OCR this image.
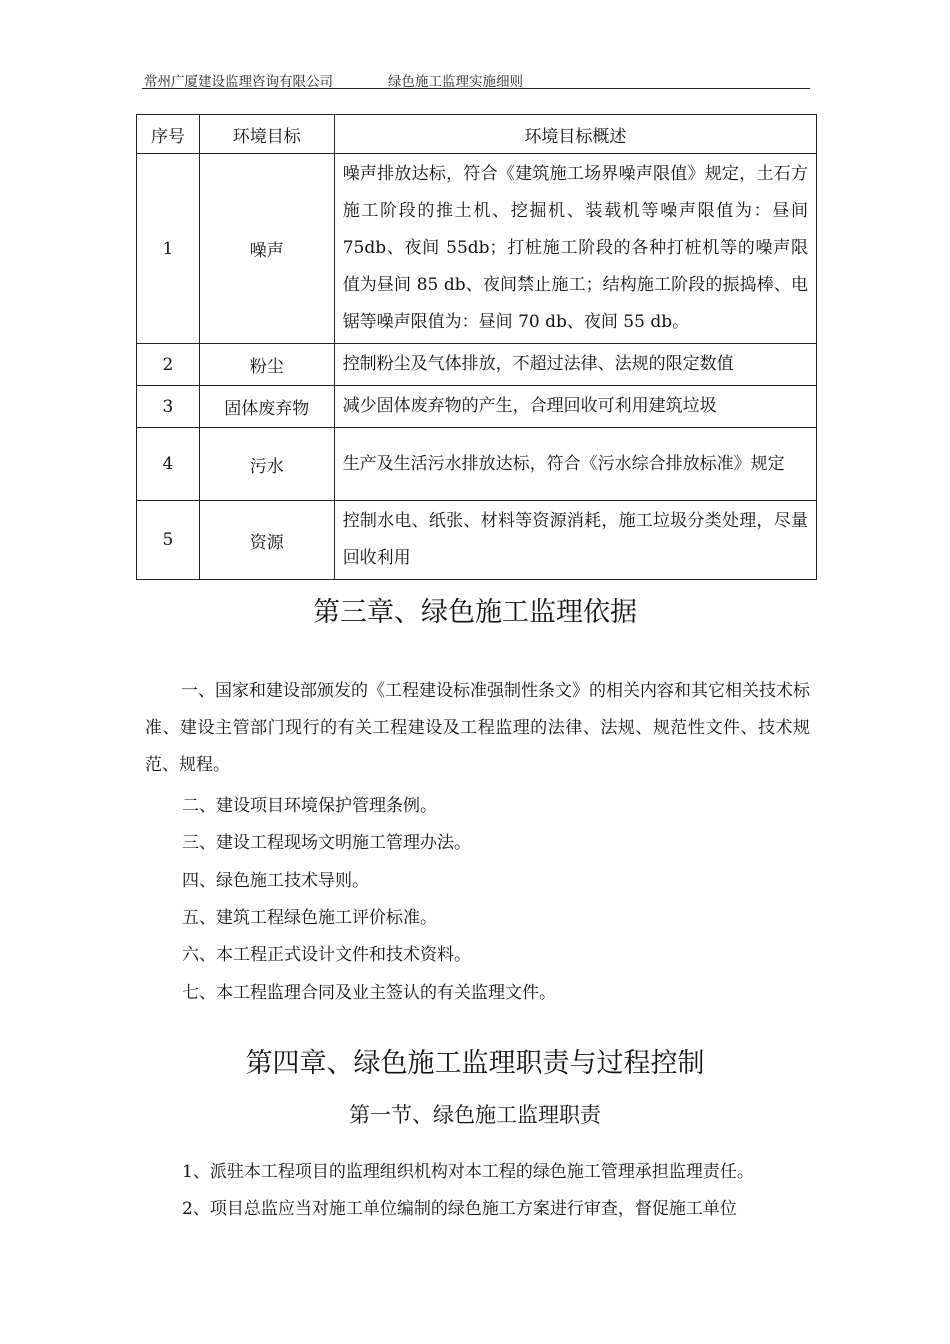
常州广厦建设监理咨询有限公司	绿色施工监理实施细则
序号	环境目标	环境目标概述
1	噪声	噪声排放达标，符合《建筑施工场界噪声限值》规定，土石方施工阶段的推土机、挖掘机、装载机等噪声限值为：昼间 75db、夜间 55db；打桩施工阶段的各种打桩机等的噪声限值为昼间 85 db、夜间禁止施工；结构施工阶段的振捣棒、电锯等噪声限值为：昼间 70 db、夜间 55 db。
2	粉尘	控制粉尘及气体排放，不超过法律、法规的限定数值
3	固体废弃物	减少固体废弃物的产生，合理回收可利用建筑垃圾
4	污水	生产及生活污水排放达标，符合《污水综合排放标准》规定
5	资源	控制水电、纸张、材料等资源消耗，施工垃圾分类处理，尽量回收利用
第三章、绿色施工监理依据
一、国家和建设部颁发的《工程建设标准强制性条文》的相关内容和其它相关技术标准、建设主管部门现行的有关工程建设及工程监理的法律、法规、规范性文件、技术规范、规程。
二、建设项目环境保护管理条例。
三、建设工程现场文明施工管理办法。
四、绿色施工技术导则。
五、建筑工程绿色施工评价标准。
六、本工程正式设计文件和技术资料。
七、本工程监理合同及业主签认的有关监理文件。
第四章、绿色施工监理职责与过程控制
第一节、绿色施工监理职责
1、派驻本工程项目的监理组织机构对本工程的绿色施工管理承担监理责任。
2、项目总监应当对施工单位编制的绿色施工方案进行审查，督促施工单位
